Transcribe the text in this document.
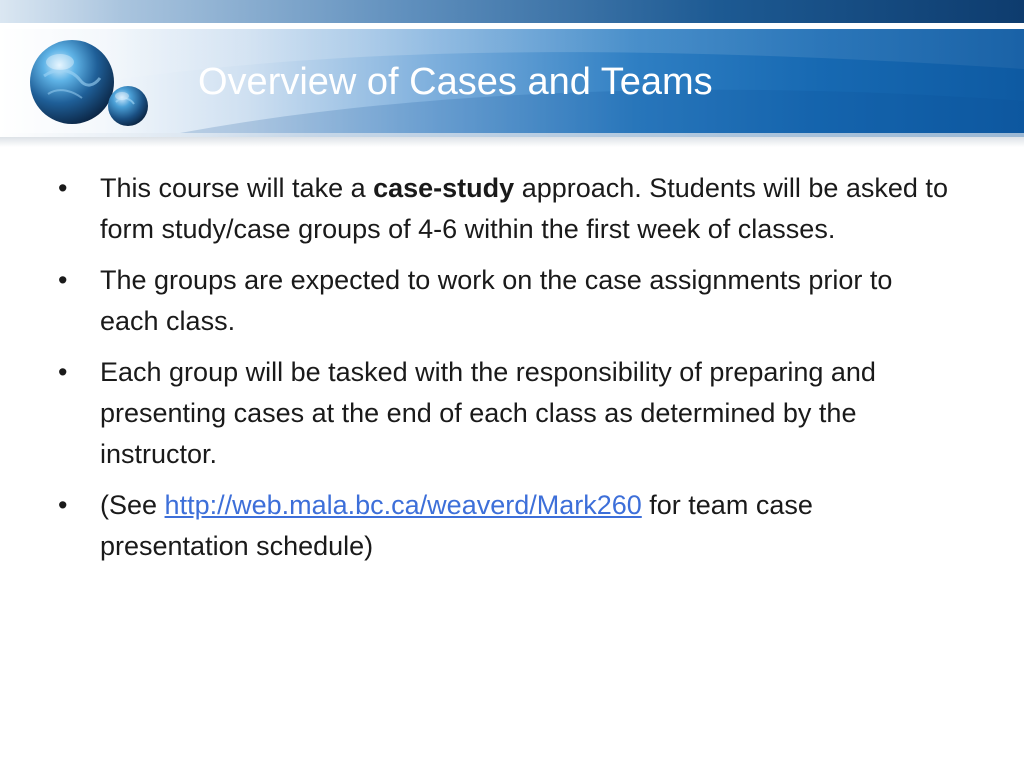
Overview of Cases and Teams
•	This course will take a case-study approach. Students will be asked to form study/case groups of 4-6 within the first week of classes.
•	The groups are expected to work on the case assignments prior to each class.
•	Each group will be tasked with the responsibility of preparing and presenting cases at the end of each class as determined by the instructor.
•	(See http://web.mala.bc.ca/weaverd/Mark260 for team case presentation schedule)
